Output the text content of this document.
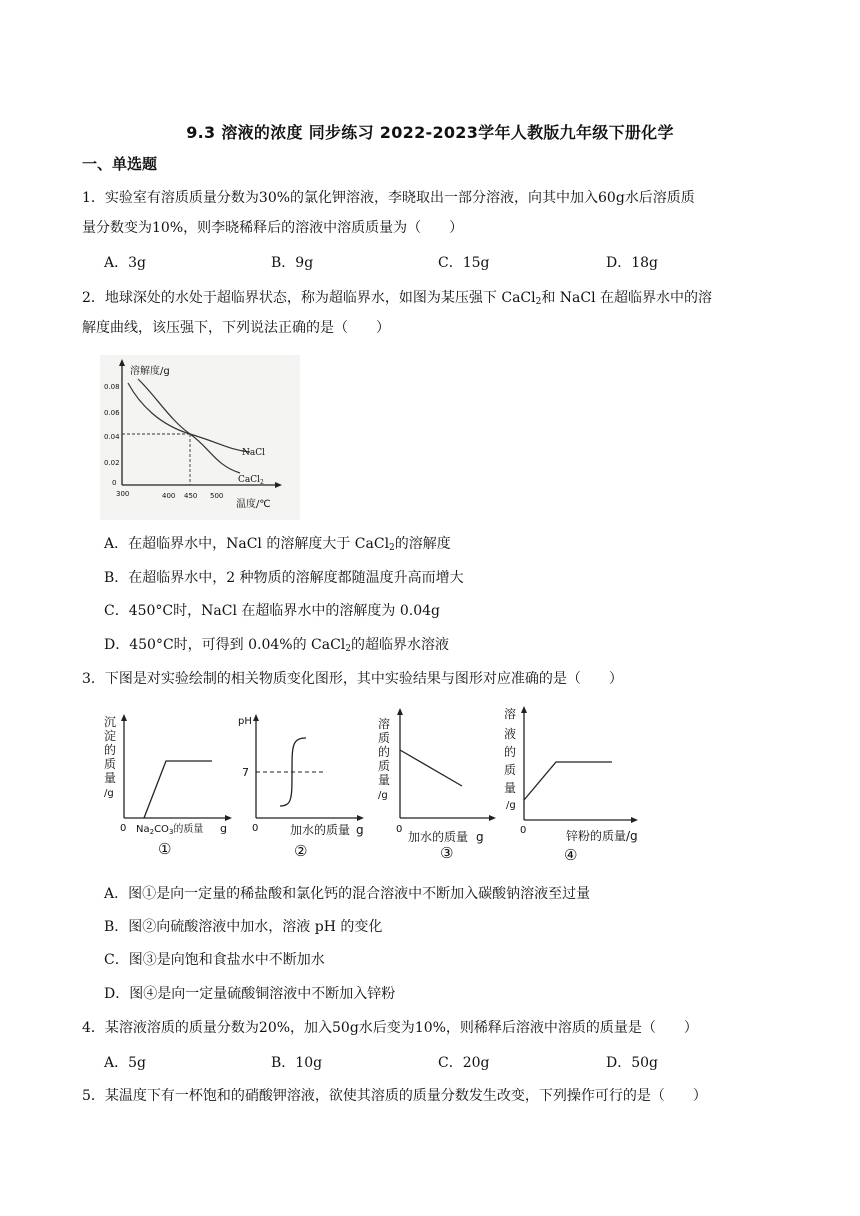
9.3 溶液的浓度 同步练习 2022-2023学年人教版九年级下册化学
一、单选题
1．实验室有溶质质量分数为30%的氯化钾溶液，李晓取出一部分溶液，向其中加入60g水后溶质质
量分数变为10%，则李晓稀释后的溶液中溶质质量为（　　）
A．3g	B．9g	C．15g	D．18g
2．地球深处的水处于超临界状态，称为超临界水，如图为某压强下 CaCl$_2$和 NaCl 在超临界水中的溶
解度曲线，该压强下，下列说法正确的是（　　）
溶解度/g
温度/℃
0.08
0.06
0.04
0.02
0
300	400 450 500
NaCl
CaCl$_2$
A．在超临界水中，NaCl 的溶解度大于 CaCl$_2$的溶解度
B．在超临界水中，2 种物质的溶解度都随温度升高而增大
C．450°C时，NaCl 在超临界水中的溶解度为 0.04g
D．450°C时，可得到 0.04%的 CaCl$_2$的超临界水溶液
3．下图是对实验绘制的相关物质变化图形，其中实验结果与图形对应准确的是（　　）
沉
淀
的
质
量
/g
0 $Na_2CO_3$的质量 g
①
pH
7
0	加水的质量 g
②
溶
质
的
质
量
/g
0
加水的质量 g
③
溶
液
的
质
量
/g
0	锌粉的质量/g
④
A．图①是向一定量的稀盐酸和氯化钙的混合溶液中不断加入碳酸钠溶液至过量
B．图②向硫酸溶液中加水，溶液 pH 的变化
C．图③是向饱和食盐水中不断加水
D．图④是向一定量硫酸铜溶液中不断加入锌粉
4．某溶液溶质的质量分数为20%，加入50g水后变为10%，则稀释后溶液中溶质的质量是（　　）
A．5g	B．10g	C．20g	D．50g
5．某温度下有一杯饱和的硝酸钾溶液，欲使其溶质的质量分数发生改变，下列操作可行的是（　　）
